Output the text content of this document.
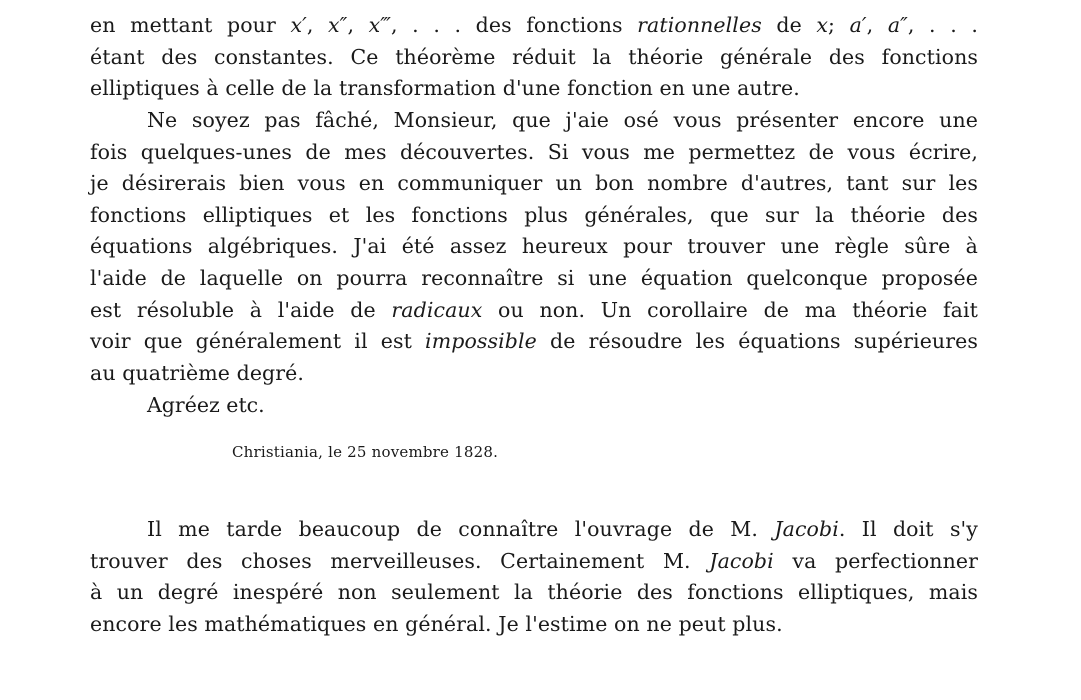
en mettant pour x′, x″, x‴, . . . des fonctions rationnelles de x; a′, a″, . . .
étant des constantes. Ce théorème réduit la théorie générale des fonctions
elliptiques à celle de la transformation d'une fonction en une autre.
Ne soyez pas fâché, Monsieur, que j'aie osé vous présenter encore une
fois quelques-unes de mes découvertes. Si vous me permettez de vous écrire,
je désirerais bien vous en communiquer un bon nombre d'autres, tant sur les
fonctions elliptiques et les fonctions plus générales, que sur la théorie des
équations algébriques. J'ai été assez heureux pour trouver une règle sûre à
l'aide de laquelle on pourra reconnaître si une équation quelconque proposée
est résoluble à l'aide de radicaux ou non. Un corollaire de ma théorie fait
voir que généralement il est impossible de résoudre les équations supérieures
au quatrième degré.
Agréez etc.
Christiania, le 25 novembre 1828.
Il me tarde beaucoup de connaître l'ouvrage de M. Jacobi. Il doit s'y
trouver des choses merveilleuses. Certainement M. Jacobi va perfectionner
à un degré inespéré non seulement la théorie des fonctions elliptiques, mais
encore les mathématiques en général. Je l'estime on ne peut plus.
